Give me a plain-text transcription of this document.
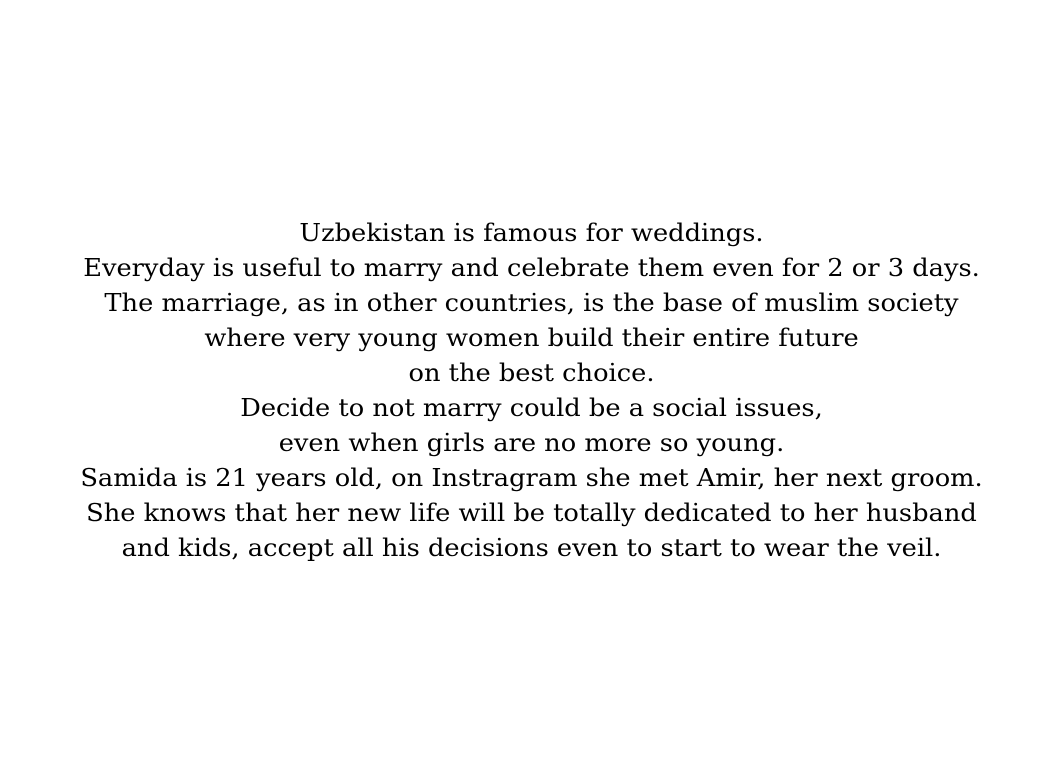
Uzbekistan is famous for weddings.
Everyday is useful to marry and celebrate them even for 2 or 3 days.
The marriage, as in other countries, is the base of muslim society
where very young women build their entire future
on the best choice.
Decide to not marry could be a social issues,
even when girls are no more so young.
Samida is 21 years old, on Instragram she met Amir, her next groom.
She knows that her new life will be totally dedicated to her husband
and kids, accept all his decisions even to start to wear the veil.
